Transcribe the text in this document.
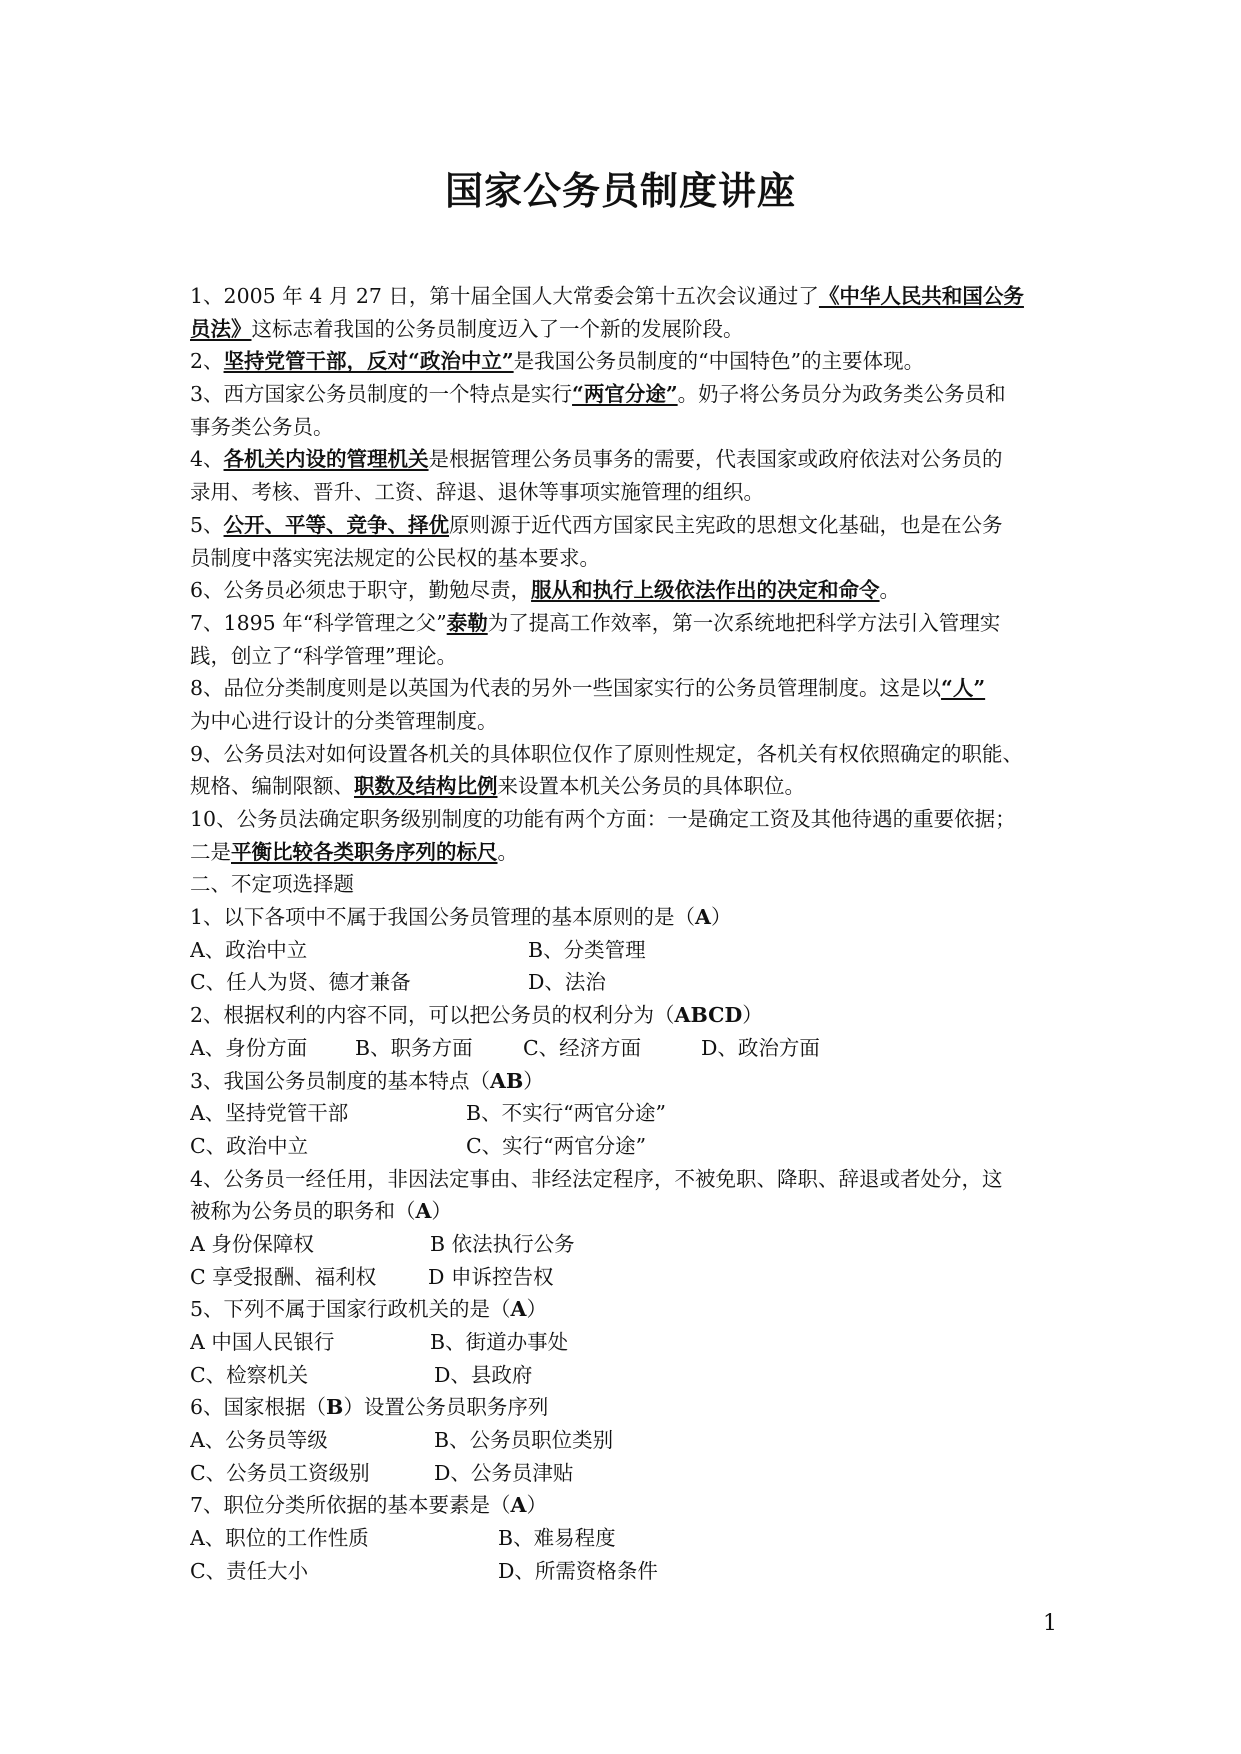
国家公务员制度讲座
1、2005 年 4 月 27 日，第十届全国人大常委会第十五次会议通过了《中华人民共和国公务
员法》这标志着我国的公务员制度迈入了一个新的发展阶段。
2、坚持党管干部，反对“政治中立”是我国公务员制度的“中国特色”的主要体现。
3、西方国家公务员制度的一个特点是实行“两官分途”。奶子将公务员分为政务类公务员和
事务类公务员。
4、各机关内设的管理机关是根据管理公务员事务的需要，代表国家或政府依法对公务员的
录用、考核、晋升、工资、辞退、退休等事项实施管理的组织。
5、公开、平等、竞争、择优原则源于近代西方国家民主宪政的思想文化基础，也是在公务
员制度中落实宪法规定的公民权的基本要求。
6、公务员必须忠于职守，勤勉尽责，服从和执行上级依法作出的决定和命令。
7、1895 年“科学管理之父”泰勒为了提高工作效率，第一次系统地把科学方法引入管理实
践，创立了“科学管理”理论。
8、品位分类制度则是以英国为代表的另外一些国家实行的公务员管理制度。这是以“人”
为中心进行设计的分类管理制度。
9、公务员法对如何设置各机关的具体职位仅作了原则性规定，各机关有权依照确定的职能、
规格、编制限额、职数及结构比例来设置本机关公务员的具体职位。
10、公务员法确定职务级别制度的功能有两个方面：一是确定工资及其他待遇的重要依据；
二是平衡比较各类职务序列的标尺。
二、不定项选择题
1、以下各项中不属于我国公务员管理的基本原则的是（A）
A、政治中立	B、分类管理
C、任人为贤、德才兼备	D、法治
2、根据权利的内容不同，可以把公务员的权利分为（ABCD）
A、身份方面 B、职务方面 C、经济方面	D、政治方面
3、我国公务员制度的基本特点（AB）
A、坚持党管干部	B、不实行“两官分途”
C、政治中立	C、实行“两官分途”
4、公务员一经任用，非因法定事由、非经法定程序，不被免职、降职、辞退或者处分，这
被称为公务员的职务和（A）
A 身份保障权	B 依法执行公务
C 享受报酬、福利权	D 申诉控告权
5、下列不属于国家行政机关的是（A）
A 中国人民银行	B、街道办事处
C、检察机关	D、县政府
6、国家根据（B）设置公务员职务序列
A、公务员等级	B、公务员职位类别
C、公务员工资级别	D、公务员津贴
7、职位分类所依据的基本要素是（A）
A、职位的工作性质	B、难易程度
C、责任大小	D、所需资格条件
1
